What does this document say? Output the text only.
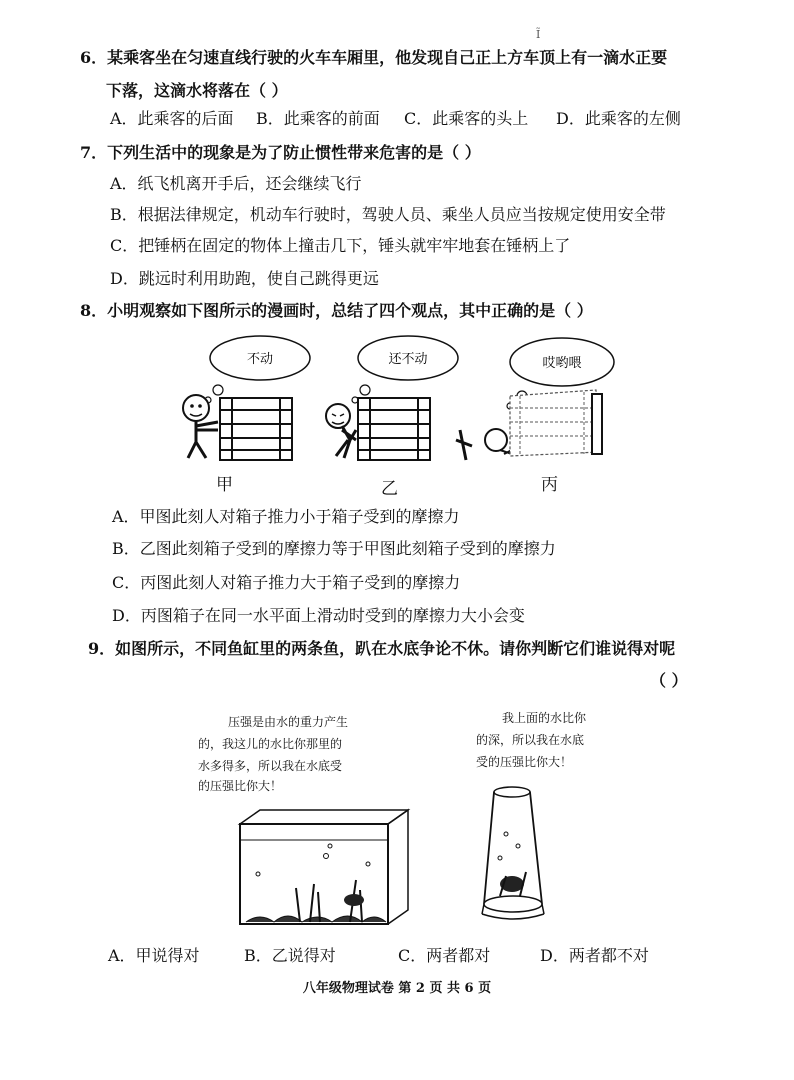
Ĩ
6．某乘客坐在匀速直线行驶的火车车厢里，他发现自己正上方车顶上有一滴水正要
下落，这滴水将落在（ ）
A．此乘客的后面 B．此乘客的前面 C．此乘客的头上 D．此乘客的左侧
7．下列生活中的现象是为了防止惯性带来危害的是（ ）
A．纸飞机离开手后，还会继续飞行
B．根据法律规定，机动车行驶时，驾驶人员、乘坐人员应当按规定使用安全带
C．把锤柄在固定的物体上撞击几下，锤头就牢牢地套在锤柄上了
D．跳远时利用助跑，使自己跳得更远
8．小明观察如下图所示的漫画时，总结了四个观点，其中正确的是（ ）
不动	还不动	哎哟喂
甲	乙	丙
A．甲图此刻人对箱子推力小于箱子受到的摩擦力
B．乙图此刻箱子受到的摩擦力等于甲图此刻箱子受到的摩擦力
C．丙图此刻人对箱子推力大于箱子受到的摩擦力
D．丙图箱子在同一水平面上滑动时受到的摩擦力大小会变
9．如图所示，不同鱼缸里的两条鱼，趴在水底争论不休。请你判断它们谁说得对呢
（ ）
压强是由水的重力产生
的，我这儿的水比你那里的
水多得多，所以我在水底受
的压强比你大！
我上面的水比你
的深，所以我在水底
受的压强比你大！
A．甲说得对	B．乙说得对	C．两者都对	D．两者都不对
八年级物理试卷 第 2 页 共 6 页
